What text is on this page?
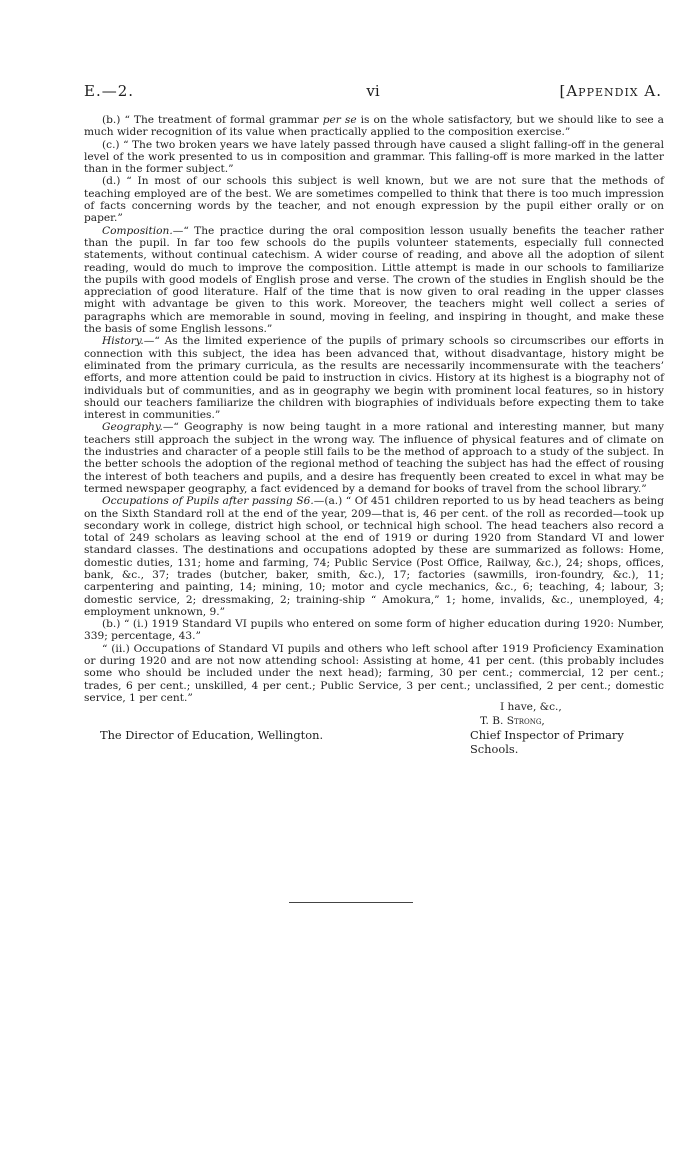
E.—2.	vi	[Appendix A.

(b.) “ The treatment of formal grammar per se is on the whole satisfactory, but we should like to see a much wider recognition of its value when practically applied to the composition exercise.”

(c.) “ The two broken years we have lately passed through have caused a slight falling-off in the general level of the work presented to us in composition and grammar. This falling-off is more marked in the latter than in the former subject.”

(d.) “ In most of our schools this subject is well known, but we are not sure that the methods of teaching employed are of the best. We are sometimes compelled to think that there is too much impression of facts concerning words by the teacher, and not enough expression by the pupil either orally or on paper.”

Composition.—“ The practice during the oral composition lesson usually benefits the teacher rather than the pupil. In far too few schools do the pupils volunteer statements, especially full connected statements, without continual catechism. A wider course of reading, and above all the adoption of silent reading, would do much to improve the composition. Little attempt is made in our schools to familiarize the pupils with good models of English prose and verse. The crown of the studies in English should be the appreciation of good literature. Half of the time that is now given to oral reading in the upper classes might with advantage be given to this work. Moreover, the teachers might well collect a series of paragraphs which are memorable in sound, moving in feeling, and inspiring in thought, and make these the basis of some English lessons.”

History.—“ As the limited experience of the pupils of primary schools so circumscribes our efforts in connection with this subject, the idea has been advanced that, without disadvantage, history might be eliminated from the primary curricula, as the results are necessarily incommensurate with the teachers’ efforts, and more attention could be paid to instruction in civics. History at its highest is a biography not of individuals but of communities, and as in geography we begin with prominent local features, so in history should our teachers familiarize the children with biographies of individuals before expecting them to take interest in communities.”

Geography.—“ Geography is now being taught in a more rational and interesting manner, but many teachers still approach the subject in the wrong way. The influence of physical features and of climate on the industries and character of a people still fails to be the method of approach to a study of the subject. In the better schools the adoption of the regional method of teaching the subject has had the effect of rousing the interest of both teachers and pupils, and a desire has frequently been created to excel in what may be termed newspaper geography, a fact evidenced by a demand for books of travel from the school library.”

Occupations of Pupils after passing S6.—(a.) “ Of 451 children reported to us by head teachers as being on the Sixth Standard roll at the end of the year, 209—that is, 46 per cent. of the roll as recorded—took up secondary work in college, district high school, or technical high school. The head teachers also record a total of 249 scholars as leaving school at the end of 1919 or during 1920 from Standard VI and lower standard classes. The destinations and occupations adopted by these are summarized as follows: Home, domestic duties, 131; home and farming, 74; Public Service (Post Office, Railway, &c.), 24; shops, offices, bank, &c., 37; trades (butcher, baker, smith, &c.), 17; factories (sawmills, iron-foundry, &c.), 11; carpentering and painting, 14; mining, 10; motor and cycle mechanics, &c., 6; teaching, 4; labour, 3; domestic service, 2; dressmaking, 2; training-ship “ Amokura,” 1; home, invalids, &c., unemployed, 4; employment unknown, 9.”

(b.) “ (i.) 1919 Standard VI pupils who entered on some form of higher education during 1920: Number, 339; percentage, 43.”

“ (ii.) Occupations of Standard VI pupils and others who left school after 1919 Proficiency Examination or during 1920 and are not now attending school: Assisting at home, 41 per cent. (this probably includes some who should be included under the next head); farming, 30 per cent.; commercial, 12 per cent.; trades, 6 per cent.; unskilled, 4 per cent.; Public Service, 3 per cent.; unclassified, 2 per cent.; domestic service, 1 per cent.”

I have, &c.,
T. B. Strong,
The Director of Education, Wellington.	Chief Inspector of Primary Schools.
